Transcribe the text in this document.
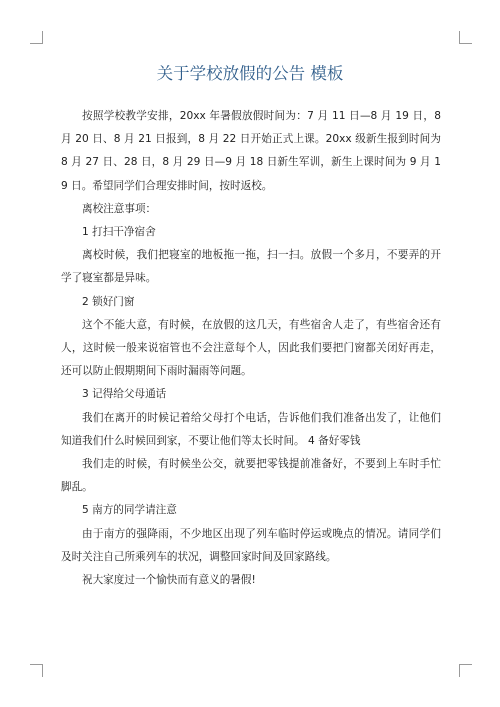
关于学校放假的公告 模板

按照学校教学安排，20xx 年暑假放假时间为：7 月 11 日—8 月 19 日，8 月 20 日、8 月 21 日报到，8 月 22 日开始正式上课。20xx 级新生报到时间为 8 月 27 日、28 日，8 月 29 日—9 月 18 日新生军训，新生上课时间为 9 月 19 日。希望同学们合理安排时间，按时返校。

离校注意事项：

1 打扫干净宿舍

离校时候，我们把寝室的地板拖一拖，扫一扫。放假一个多月，不要弄的开学了寝室都是异味。

2 锁好门窗

这个不能大意，有时候，在放假的这几天，有些宿舍人走了，有些宿舍还有人，这时候一般来说宿管也不会注意每个人，因此我们要把门窗都关闭好再走，还可以防止假期期间下雨时漏雨等问题。

3 记得给父母通话

我们在离开的时候记着给父母打个电话，告诉他们我们准备出发了，让他们知道我们什么时候回到家，不要让他们等太长时间。 4 备好零钱

我们走的时候，有时候坐公交，就要把零钱提前准备好，不要到上车时手忙脚乱。

5 南方的同学请注意

由于南方的强降雨，不少地区出现了列车临时停运或晚点的情况。请同学们及时关注自己所乘列车的状况，调整回家时间及回家路线。

祝大家度过一个愉快而有意义的暑假!
